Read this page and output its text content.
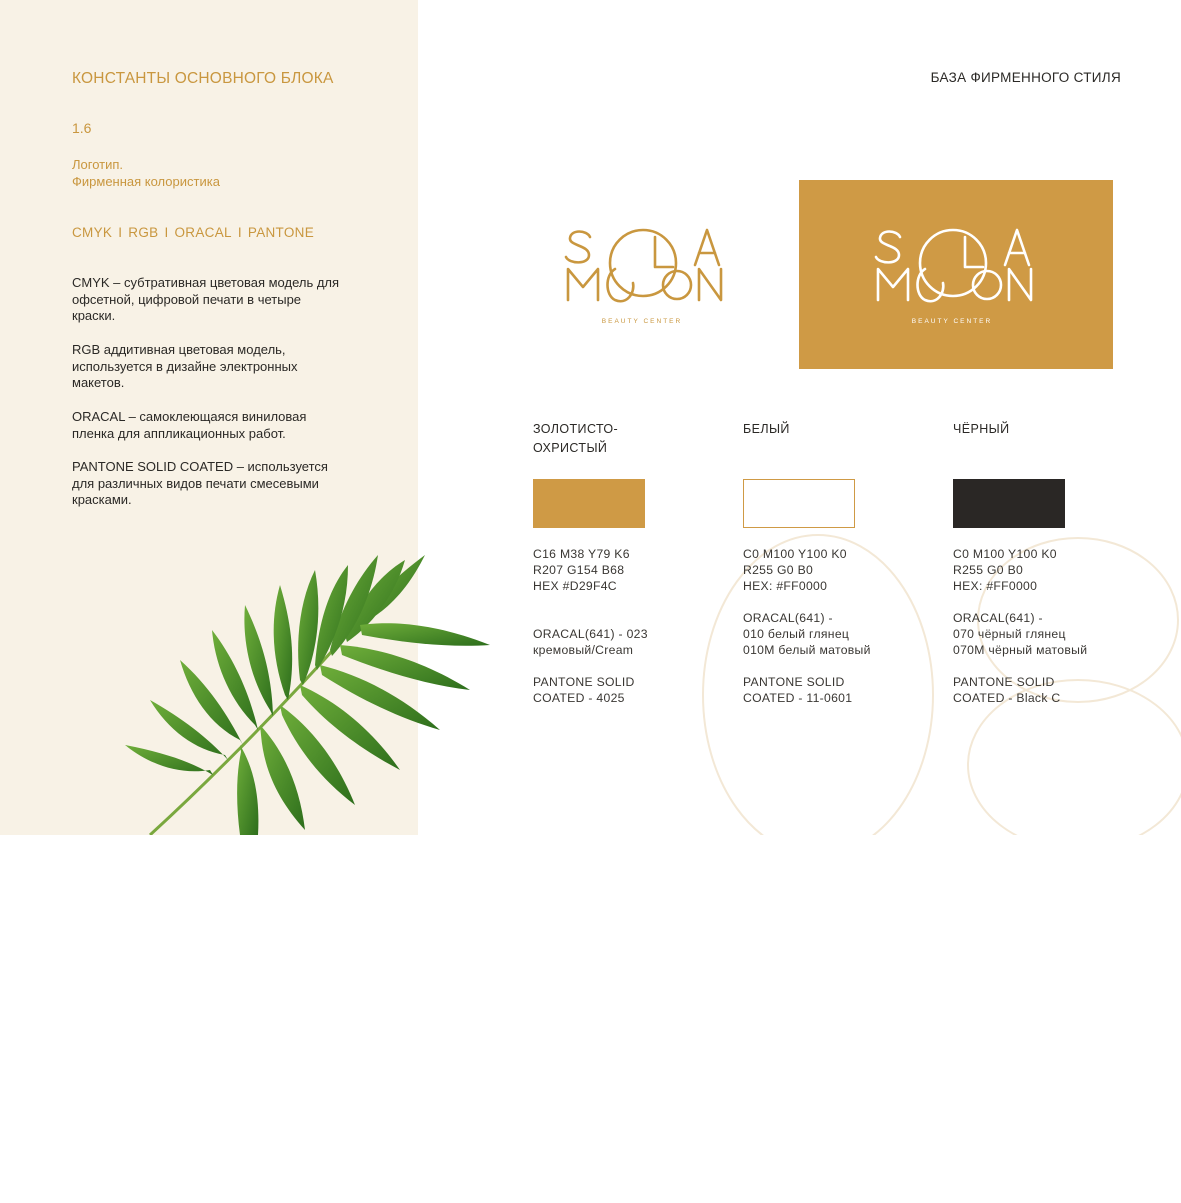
КОНСТАНТЫ ОСНОВНОГО БЛОКА
1.6
Логотип.
Фирменная колористика
CMYK I RGB I ORACAL I PANTONE

CMYK – субтративная цветовая модель для офсетной, цифровой печати в четыре краски.

RGB аддитивная цветовая модель, используется в дизайне электронных макетов.

ORACAL – самоклеющаяся виниловая пленка для аппликационных работ.

PANTONE SOLID COATED – используется для различных видов печати смесевыми красками.

БАЗА ФИРМЕННОГО СТИЛЯ
BEAUTY CENTER	BEAUTY CENTER
ЗОЛОТИСТО-
ОХРИСТЫЙ

C16 M38 Y79 K6
R207 G154 B68
HEX #D29F4C

ORACAL(641) - 023
кремовый/Cream

PANTONE SOLID
COATED - 4025

БЕЛЫЙ

C0 M100 Y100 K0
R255 G0 B0
HEX: #FF0000

ORACAL(641) -
010 белый глянец
010M белый матовый

PANTONE SOLID
COATED - 11-0601

ЧЁРНЫЙ

C0 M100 Y100 K0
R255 G0 B0
HEX: #FF0000

ORACAL(641) -
070 чёрный глянец
070M чёрный матовый

PANTONE SOLID
COATED - Black C
